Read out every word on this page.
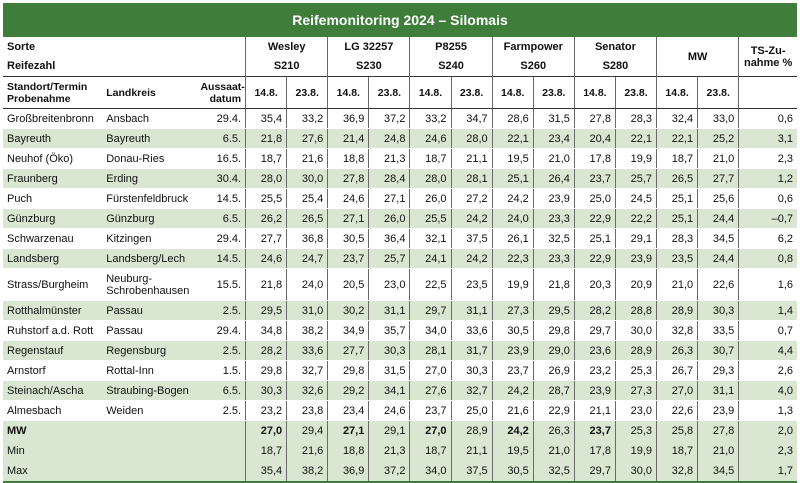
Reifemonitoring 2024 – Silomais
Sorte			Wesley		LG 32257		P8255		Farmpower		Senator		MW		TS-Zu-nahme %
Reifezahl			S210		S230		S240		S260		S280				
Standort/Termin Probenahme	Landkreis	Aussaat-datum	14.8.	23.8.	14.8.	23.8.	14.8.	23.8.	14.8.	23.8.	14.8.	23.8.	14.8.	23.8.	
Großbreitenbronn	Ansbach	29.4.	35,4	33,2	36,9	37,2	33,2	34,7	28,6	31,5	27,8	28,3	32,4	33,0	0,6
Bayreuth	Bayreuth	6.5.	21,8	27,6	21,4	24,8	24,6	28,0	22,1	23,4	20,4	22,1	22,1	25,2	3,1
Neuhof (Öko)	Donau-Ries	16.5.	18,7	21,6	18,8	21,3	18,7	21,1	19,5	21,0	17,8	19,9	18,7	21,0	2,3
Fraunberg	Erding	30.4.	28,0	30,0	27,8	28,4	28,0	28,1	25,1	26,4	23,7	25,7	26,5	27,7	1,2
Puch	Fürstenfeldbruck	14.5.	25,5	25,4	24,6	27,1	26,0	27,2	24,2	23,9	25,0	24,5	25,1	25,6	0,6
Günzburg	Günzburg	6.5.	26,2	26,5	27,1	26,0	25,5	24,2	24,0	23,3	22,9	22,2	25,1	24,4	–0,7
Schwarzenau	Kitzingen	29.4.	27,7	36,8	30,5	36,4	32,1	37,5	26,1	32,5	25,1	29,1	28,3	34,5	6,2
Landsberg	Landsberg/Lech	14.5.	24,6	24,7	23,7	25,7	24,1	24,2	22,3	23,3	22,9	23,9	23,5	24,4	0,8
Strass/Burgheim	Neuburg-Schrobenhausen	15.5.	21,8	24,0	20,5	23,0	22,5	23,5	19,9	21,8	20,3	20,9	21,0	22,6	1,6
Rotthalmünster	Passau	2.5.	29,5	31,0	30,2	31,1	29,7	31,1	27,3	29,5	28,2	28,8	28,9	30,3	1,4
Ruhstorf a.d. Rott	Passau	29.4.	34,8	38,2	34,9	35,7	34,0	33,6	30,5	29,8	29,7	30,0	32,8	33,5	0,7
Regenstauf	Regensburg	2.5.	28,2	33,6	27,7	30,3	28,1	31,7	23,9	29,0	23,6	28,9	26,3	30,7	4,4
Arnstorf	Rottal-Inn	1.5.	29,8	32,7	29,8	31,5	27,0	30,3	23,7	26,9	23,2	25,3	26,7	29,3	2,6
Steinach/Ascha	Straubing-Bogen	6.5.	30,3	32,6	29,2	34,1	27,6	32,7	24,2	28,7	23,9	27,3	27,0	31,1	4,0
Almesbach	Weiden	2.5.	23,2	23,8	23,4	24,6	23,7	25,0	21,6	22,9	21,1	23,0	22,6	23,9	1,3
MW			27,0	29,4	27,1	29,1	27,0	28,9	24,2	26,3	23,7	25,3	25,8	27,8	2,0
Min			18,7	21,6	18,8	21,3	18,7	21,1	19,5	21,0	17,8	19,9	18,7	21,0	2,3
Max			35,4	38,2	36,9	37,2	34,0	37,5	30,5	32,5	29,7	30,0	32,8	34,5	1,7
